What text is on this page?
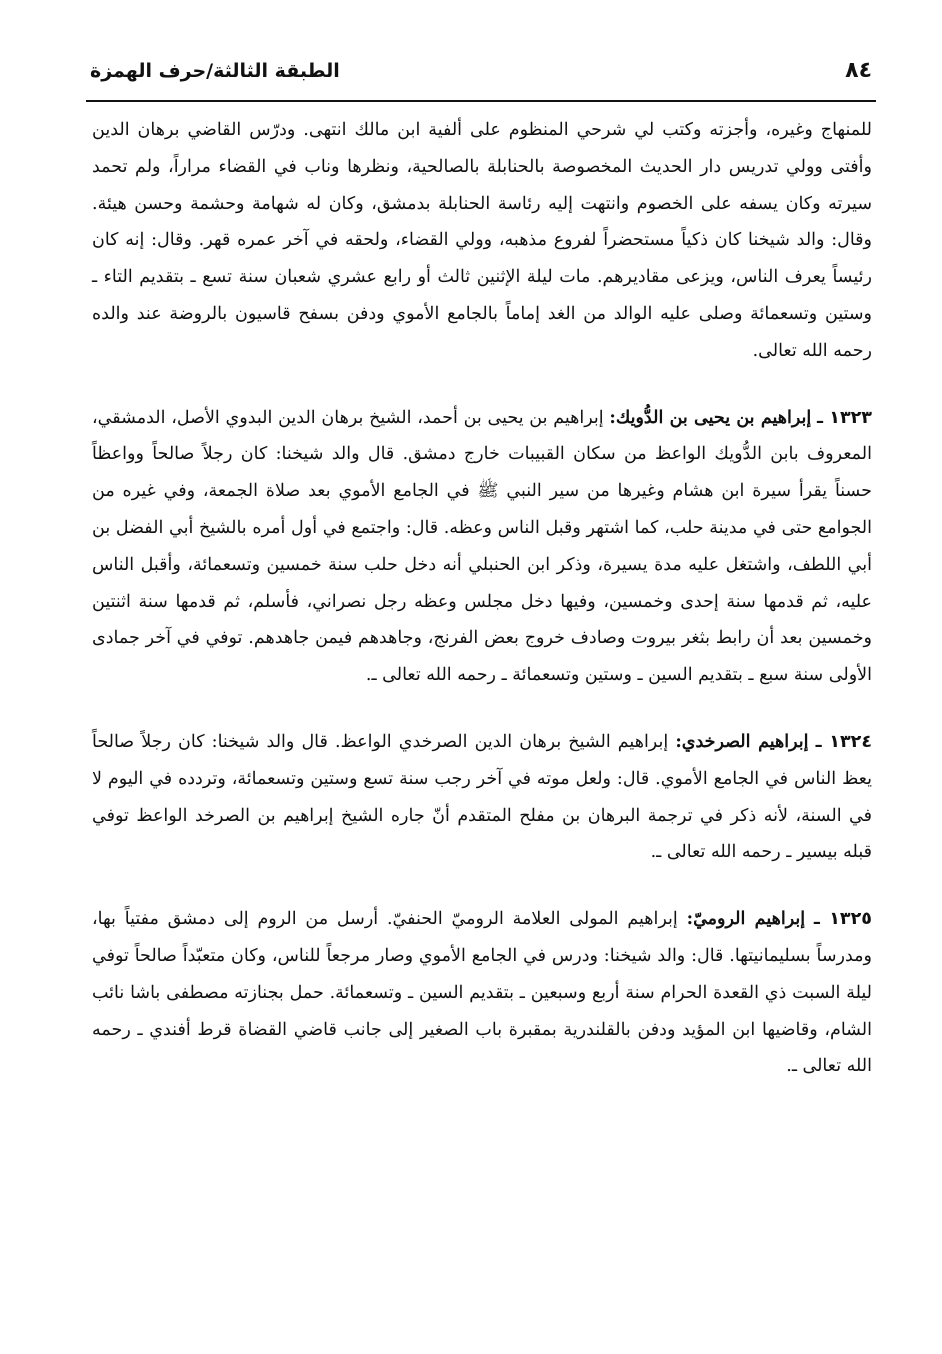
٨٤
الطبقة الثالثة/حرف الهمزة

للمنهاج وغيره، وأجزته وكتب لي شرحي المنظوم على ألفية ابن مالك انتهى. ودرّس القاضي برهان الدين وأفتى وولي تدريس دار الحديث المخصوصة بالحنابلة بالصالحية، ونظرها وناب في القضاء مراراً، ولم تحمد سيرته وكان يسفه على الخصوم وانتهت إليه رئاسة الحنابلة بدمشق، وكان له شهامة وحشمة وحسن هيئة. وقال: والد شيخنا كان ذكياً مستحضراً لفروع مذهبه، وولي القضاء، ولحقه في آخر عمره قهر. وقال: إنه كان رئيساً يعرف الناس، ويزعى مقاديرهم. مات ليلة الإثنين ثالث أو رابع عشري شعبان سنة تسع ـ بتقديم التاء ـ وستين وتسعمائة وصلى عليه الوالد من الغد إماماً بالجامع الأموي ودفن بسفح قاسيون بالروضة عند والده رحمه الله تعالى.

١٣٢٣ ـ إبراهيم بن يحيى بن الدُّويك: إبراهيم بن يحيى بن أحمد، الشيخ برهان الدين البدوي الأصل، الدمشقي، المعروف بابن الدُّويك الواعظ من سكان القبيبات خارج دمشق. قال والد شيخنا: كان رجلاً صالحاً وواعظاً حسناً يقرأ سيرة ابن هشام وغيرها من سير النبي ﷺ في الجامع الأموي بعد صلاة الجمعة، وفي غيره من الجوامع حتى في مدينة حلب، كما اشتهر وقبل الناس وعظه. قال: واجتمع في أول أمره بالشيخ أبي الفضل بن أبي اللطف، واشتغل عليه مدة يسيرة، وذكر ابن الحنبلي أنه دخل حلب سنة خمسين وتسعمائة، وأقبل الناس عليه، ثم قدمها سنة إحدى وخمسين، وفيها دخل مجلس وعظه رجل نصراني، فأسلم، ثم قدمها سنة اثنتين وخمسين بعد أن رابط بثغر بيروت وصادف خروج بعض الفرنج، وجاهدهم فيمن جاهدهم. توفي في آخر جمادى الأولى سنة سبع ـ بتقديم السين ـ وستين وتسعمائة ـ رحمه الله تعالى ـ.

١٣٢٤ ـ إبراهيم الصرخدي: إبراهيم الشيخ برهان الدين الصرخدي الواعظ. قال والد شيخنا: كان رجلاً صالحاً يعظ الناس في الجامع الأموي. قال: ولعل موته في آخر رجب سنة تسع وستين وتسعمائة، وتردده في اليوم لا في السنة، لأنه ذكر في ترجمة البرهان بن مفلح المتقدم أنّ جاره الشيخ إبراهيم بن الصرخد الواعظ توفي قبله بيسير ـ رحمه الله تعالى ـ.

١٣٢٥ ـ إبراهيم الروميّ: إبراهيم المولى العلامة الروميّ الحنفيّ. أرسل من الروم إلى دمشق مفتياً بها، ومدرساً بسليمانيتها. قال: والد شيخنا: ودرس في الجامع الأموي وصار مرجعاً للناس، وكان متعبّداً صالحاً توفي ليلة السبت ذي القعدة الحرام سنة أربع وسبعين ـ بتقديم السين ـ وتسعمائة. حمل بجنازته مصطفى باشا نائب الشام، وقاضيها ابن المؤيد ودفن بالقلندرية بمقبرة باب الصغير إلى جانب قاضي القضاة قرط أفندي ـ رحمه الله تعالى ـ.
